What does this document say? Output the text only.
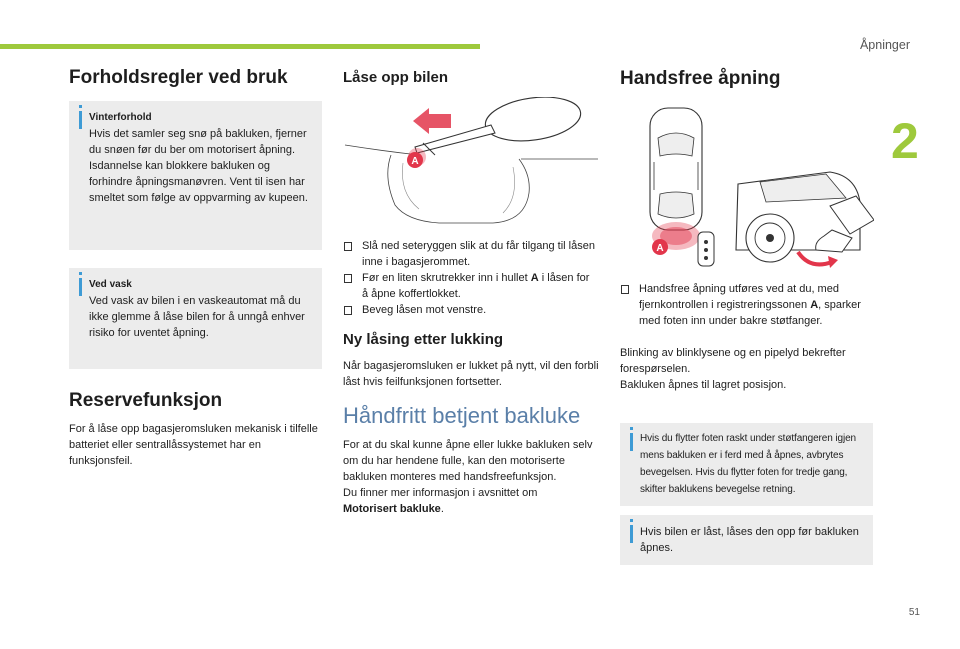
Åpninger
2
51
Forholdsregler ved bruk
Vinterforhold
Hvis det samler seg snø på bakluken, fjerner du snøen før du ber om motorisert åpning.
Isdannelse kan blokkere bakluken og forhindre åpningsmanøvren. Vent til isen har smeltet som følge av oppvarming av kupeen.
Ved vask
Ved vask av bilen i en vaskeautomat må du ikke glemme å låse bilen for å unngå enhver risiko for uventet åpning.
Reservefunksjon
For å låse opp bagasjeromsluken mekanisk i tilfelle batteriet eller sentrallåssystemet har en funksjonsfeil.
Låse opp bilen
A
Slå ned seteryggen slik at du får tilgang til låsen inne i bagasjerommet.
Før en liten skrutrekker inn i hullet A i låsen for å åpne koffertlokket.
Beveg låsen mot venstre.
Ny låsing etter lukking
Når bagasjeromsluken er lukket på nytt, vil den forbli låst hvis feilfunksjonen fortsetter.
Håndfritt betjent bakluke
For at du skal kunne åpne eller lukke bakluken selv om du har hendene fulle, kan den motoriserte bakluken monteres med handsfreefunksjon.
Du finner mer informasjon i avsnittet om
Motorisert bakluke.
Handsfree åpning
A
Handsfree åpning utføres ved at du, med fjernkontrollen i registreringssonen A, sparker med foten inn under bakre støtfanger.
Blinking av blinklysene og en pipelyd bekrefter forespørselen.
Bakluken åpnes til lagret posisjon.
Hvis du flytter foten raskt under støtfangeren igjen mens bakluken er i ferd med å åpnes, avbrytes bevegelsen. Hvis du flytter foten for tredje gang, skifter baklukens bevegelse retning.
Hvis bilen er låst, låses den opp før bakluken åpnes.
